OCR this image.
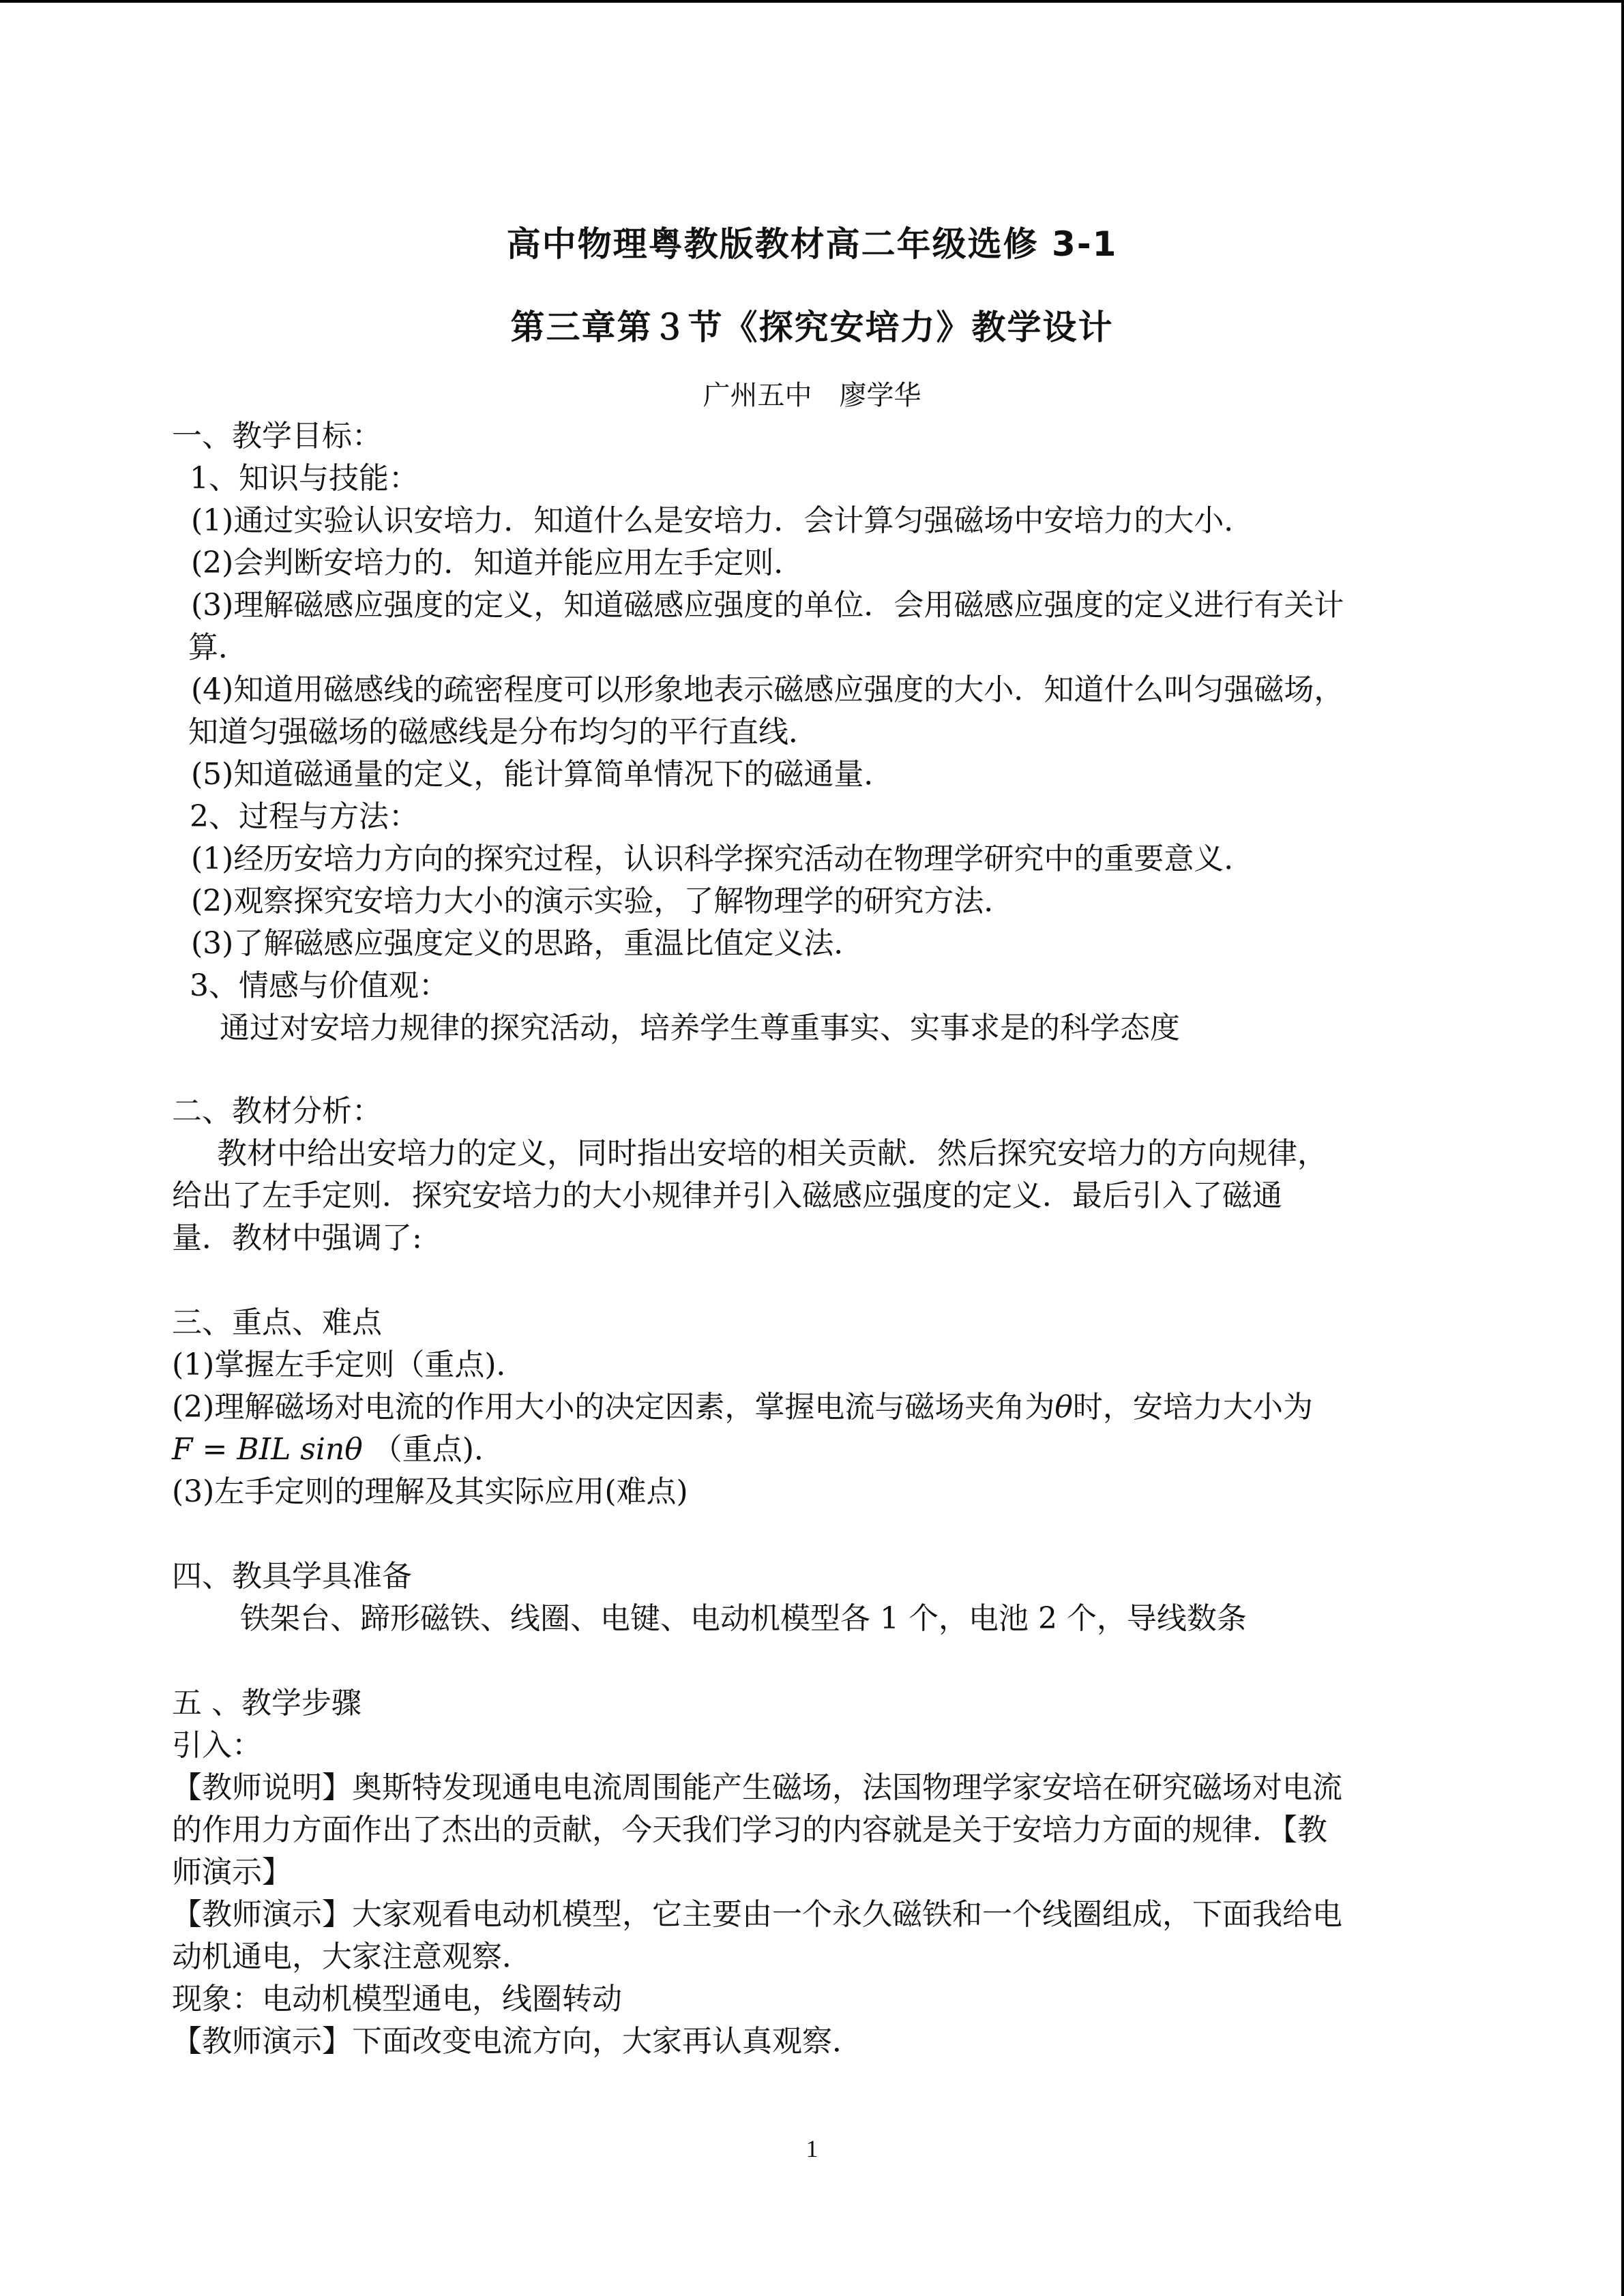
高中物理粤教版教材高二年级选修 3-1
第三章第３节《探究安培力》教学设计
广州五中　廖学华
一、教学目标：
1、知识与技能：
(1)通过实验认识安培力．知道什么是安培力．会计算匀强磁场中安培力的大小．
(2)会判断安培力的．知道并能应用左手定则．
(3)理解磁感应强度的定义，知道磁感应强度的单位．会用磁感应强度的定义进行有关计
算．
(4)知道用磁感线的疏密程度可以形象地表示磁感应强度的大小．知道什么叫匀强磁场，
知道匀强磁场的磁感线是分布均匀的平行直线．
(5)知道磁通量的定义，能计算简单情况下的磁通量．
2、过程与方法：
(1)经历安培力方向的探究过程，认识科学探究活动在物理学研究中的重要意义．
(2)观察探究安培力大小的演示实验，了解物理学的研究方法．
(3)了解磁感应强度定义的思路，重温比值定义法．
3、情感与价值观：
通过对安培力规律的探究活动，培养学生尊重事实、实事求是的科学态度
二、教材分析：
教材中给出安培力的定义，同时指出安培的相关贡献．然后探究安培力的方向规律，
给出了左手定则．探究安培力的大小规律并引入磁感应强度的定义．最后引入了磁通
量．教材中强调了:
三、重点、难点
(1)掌握左手定则（重点)．
(2)理解磁场对电流的作用大小的决定因素，掌握电流与磁场夹角为θ时，安培力大小为
F = BIL sinθ （重点)．
(3)左手定则的理解及其实际应用(难点)
四、教具学具准备
铁架台、蹄形磁铁、线圈、电键、电动机模型各 1 个，电池 2 个，导线数条
五 、教学步骤
引入：
【教师说明】奥斯特发现通电电流周围能产生磁场，法国物理学家安培在研究磁场对电流
的作用力方面作出了杰出的贡献，今天我们学习的内容就是关于安培力方面的规律．【教
师演示】
【教师演示】大家观看电动机模型，它主要由一个永久磁铁和一个线圈组成，下面我给电
动机通电，大家注意观察．
现象：电动机模型通电，线圈转动
【教师演示】下面改变电流方向，大家再认真观察．
1
